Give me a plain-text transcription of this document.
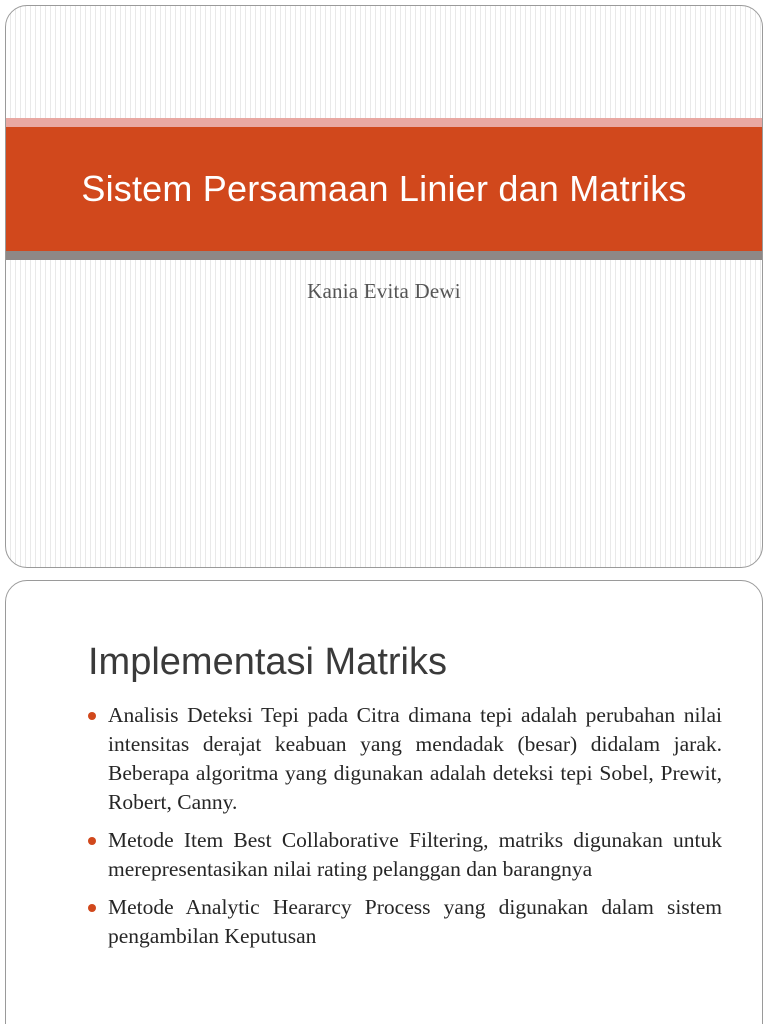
Sistem Persamaan Linier dan Matriks
Kania Evita Dewi
Implementasi Matriks
Analisis Deteksi Tepi pada Citra dimana tepi adalah perubahan nilai intensitas derajat keabuan yang mendadak (besar) didalam jarak. Beberapa algoritma yang digunakan adalah deteksi tepi Sobel, Prewit, Robert, Canny.
Metode Item Best Collaborative Filtering, matriks digunakan untuk merepresentasikan nilai rating pelanggan dan barangnya
Metode Analytic Heararcy Process yang digunakan dalam sistem pengambilan Keputusan
